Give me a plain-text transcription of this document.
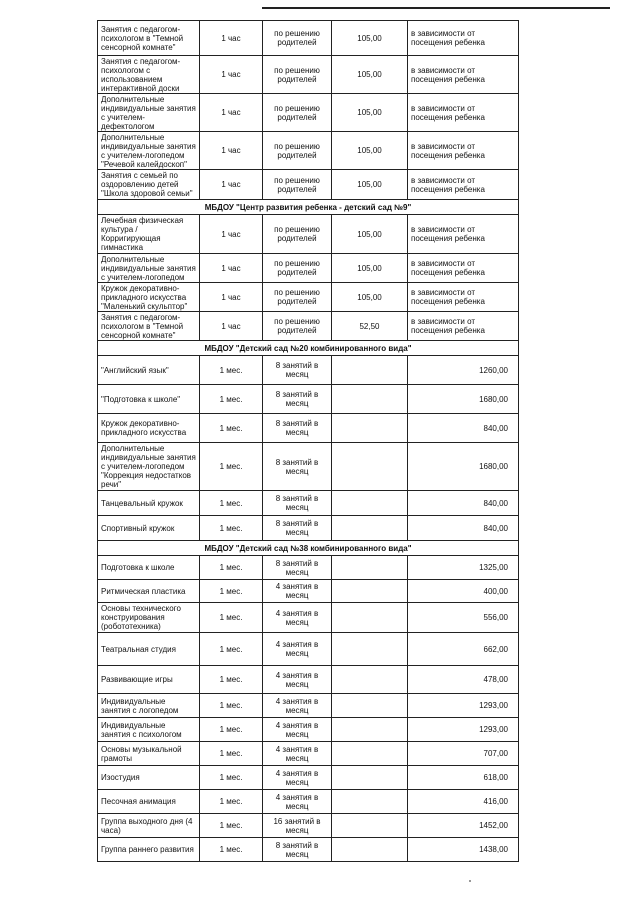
Занятия с педагогом-психологом в "Темной сенсорной комнате"	1 час	по решению родителей	105,00	в зависимости от посещения ребенка
Занятия с педагогом-психологом с использованием интерактивной доски	1 час	по решению родителей	105,00	в зависимости от посещения ребенка
Дополнительные индивидуальные занятия с учителем-дефектологом	1 час	по решению родителей	105,00	в зависимости от посещения ребенка
Дополнительные индивидуальные занятия с учителем-логопедом "Речевой калейдоскоп"	1 час	по решению родителей	105,00	в зависимости от посещения ребенка
Занятия с семьей по оздоровлению детей "Школа здоровой семьи"	1 час	по решению родителей	105,00	в зависимости от посещения ребенка
МБДОУ "Центр развития ребенка - детский сад №9"				
Лечебная физическая культура / Корригирующая гимнастика	1 час	по решению родителей	105,00	в зависимости от посещения ребенка
Дополнительные индивидуальные занятия с учителем-логопедом	1 час	по решению родителей	105,00	в зависимости от посещения ребенка
Кружок декоративно-прикладного искусства "Маленький скульптор"	1 час	по решению родителей	105,00	в зависимости от посещения ребенка
Занятия с педагогом-психологом в "Темной сенсорной комнате"	1 час	по решению родителей	52,50	в зависимости от посещения ребенка
МБДОУ "Детский сад №20 комбинированного вида"				
"Английский язык"	1 мес.	8 занятий в месяц		1260,00
"Подготовка к школе"	1 мес.	8 занятий в месяц		1680,00
Кружок декоративно-прикладного искусства	1 мес.	8 занятий в месяц		840,00
Дополнительные индивидуальные занятия с учителем-логопедом "Коррекция недостатков речи"	1 мес.	8 занятий в месяц		1680,00
Танцевальный кружок	1 мес.	8 занятий в месяц		840,00
Спортивный кружок	1 мес.	8 занятий в месяц		840,00
МБДОУ "Детский сад №38 комбинированного вида"				
Подготовка к школе	1 мес.	8 занятий в месяц		1325,00
Ритмическая пластика	1 мес.	4 занятия в месяц		400,00
Основы технического конструирования (робототехника)	1 мес.	4 занятия в месяц		556,00
Театральная студия	1 мес.	4 занятия в месяц		662,00
Развивающие игры	1 мес.	4 занятия в месяц		478,00
Индивидуальные занятия с логопедом	1 мес.	4 занятия в месяц		1293,00
Индивидуальные занятия с психологом	1 мес.	4 занятия в месяц		1293,00
Основы музыкальной грамоты	1 мес.	4 занятия в месяц		707,00
Изостудия	1 мес.	4 занятия в месяц		618,00
Песочная анимация	1 мес.	4 занятия в месяц		416,00
Группа выходного дня (4 часа)	1 мес.	16 занятий в месяц		1452,00
Группа раннего развития	1 мес.	8 занятий в месяц		1438,00
